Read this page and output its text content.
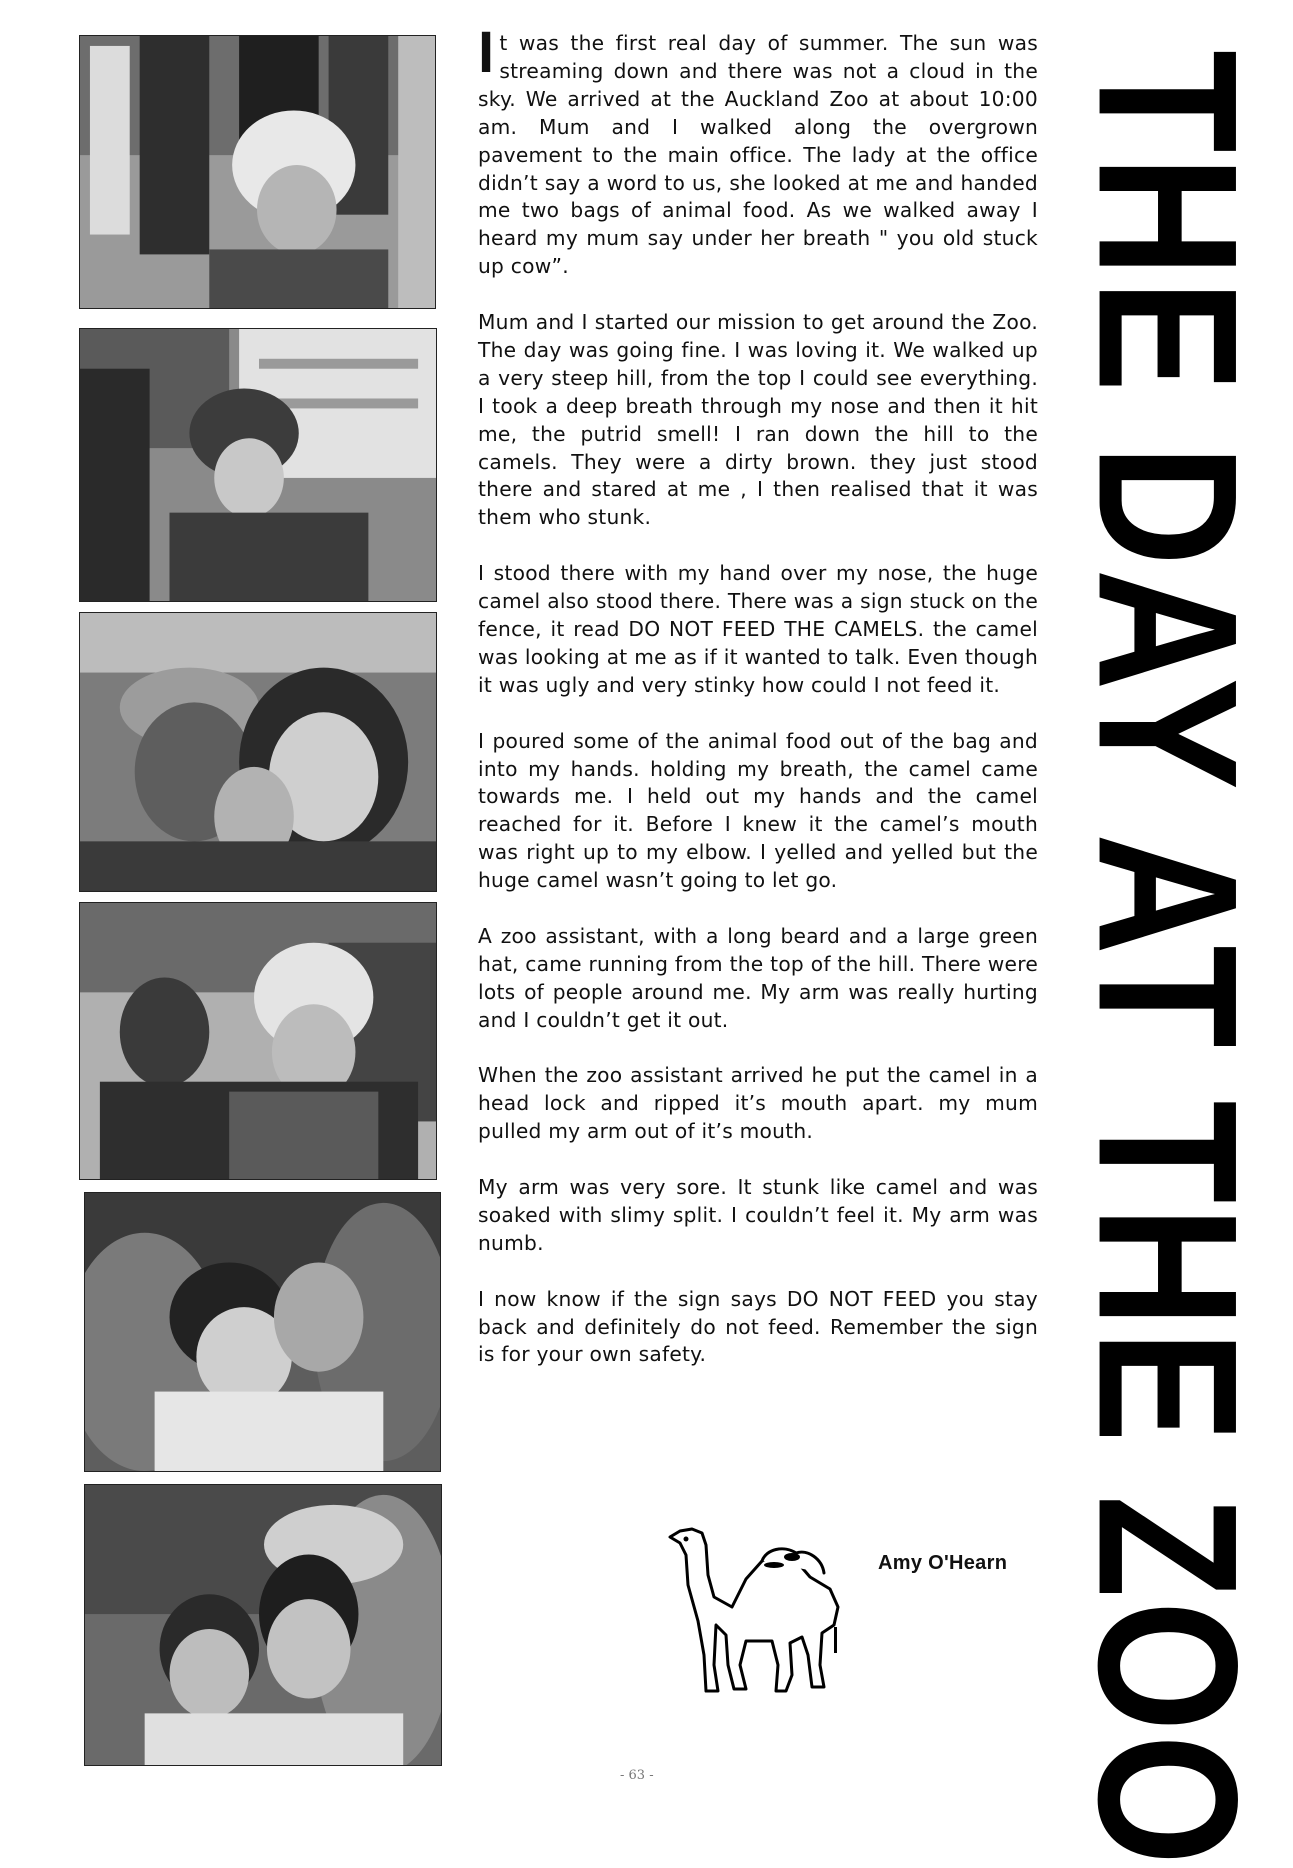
It was the first real day of summer. The sun was streaming down and there was not a cloud in the sky. We arrived at the Auckland Zoo at about 10:00 am. Mum and I walked along the overgrown pavement to the main office. The lady at the office didn’t say a word to us, she looked at me and handed me two bags of animal food. As we walked away I heard my mum say under her breath " you old stuck up cow”.

Mum and I started our mission to get around the Zoo. The day was going fine. I was loving it. We walked up a very steep hill, from the top I could see everything. I took a deep breath through my nose and then it hit me, the putrid smell! I ran down the hill to the camels. They were a dirty brown. they just stood there and stared at me , I then realised that it was them who stunk.

I stood there with my hand over my nose, the huge camel also stood there. There was a sign stuck on the fence, it read DO NOT FEED THE CAMELS. the camel was looking at me as if it wanted to talk. Even though it was ugly and very stinky how could I not feed it.

I poured some of the animal food out of the bag and into my hands. holding my breath, the camel came towards me. I held out my hands and the camel reached for it. Before I knew it the camel’s mouth was right up to my elbow. I yelled and yelled but the huge camel wasn’t going to let go.

A zoo assistant, with a long beard and a large green hat, came running from the top of the hill. There were lots of people around me. My arm was really hurting and I couldn’t get it out.

When the zoo assistant arrived he put the camel in a head lock and ripped it’s mouth apart. my mum pulled my arm out of it’s mouth.

My arm was very sore. It stunk like camel and was soaked with slimy split. I couldn’t feel it. My arm was numb.

I now know if the sign says DO NOT FEED you stay back and definitely do not feed. Remember the sign is for your own safety.

Amy O'Hearn THE DAY AT THE ZOO
- 63 -
